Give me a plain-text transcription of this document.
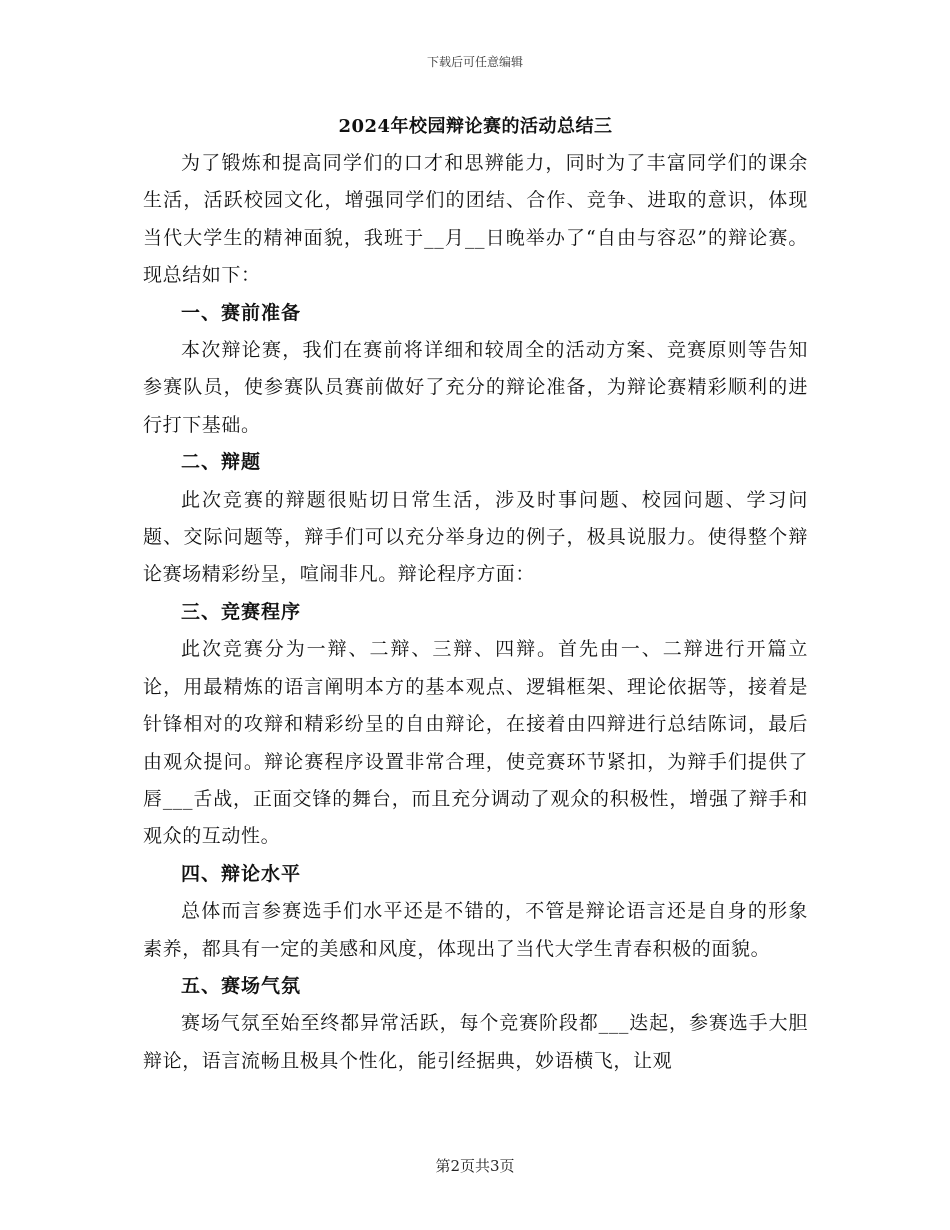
下载后可任意编辑
2024年校园辩论赛的活动总结三

为了锻炼和提高同学们的口才和思辨能力，同时为了丰富同学们的课余生活，活跃校园文化，增强同学们的团结、合作、竞争、进取的意识，体现当代大学生的精神面貌，我班于__月__日晚举办了“自由与容忍”的辩论赛。现总结如下：

一、赛前准备

本次辩论赛，我们在赛前将详细和较周全的活动方案、竞赛原则等告知参赛队员，使参赛队员赛前做好了充分的辩论准备，为辩论赛精彩顺利的进行打下基础。

二、辩题

此次竞赛的辩题很贴切日常生活，涉及时事问题、校园问题、学习问题、交际问题等，辩手们可以充分举身边的例子，极具说服力。使得整个辩论赛场精彩纷呈，喧闹非凡。辩论程序方面：

三、竞赛程序

此次竞赛分为一辩、二辩、三辩、四辩。首先由一、二辩进行开篇立论，用最精炼的语言阐明本方的基本观点、逻辑框架、理论依据等，接着是针锋相对的攻辩和精彩纷呈的自由辩论，在接着由四辩进行总结陈词，最后由观众提问。辩论赛程序设置非常合理，使竞赛环节紧扣，为辩手们提供了唇___舌战，正面交锋的舞台，而且充分调动了观众的积极性，增强了辩手和观众的互动性。

四、辩论水平

总体而言参赛选手们水平还是不错的，不管是辩论语言还是自身的形象素养，都具有一定的美感和风度，体现出了当代大学生青春积极的面貌。

五、赛场气氛

赛场气氛至始至终都异常活跃，每个竞赛阶段都___迭起，参赛选手大胆辩论，语言流畅且极具个性化，能引经据典，妙语横飞，让观

第2页共3页
